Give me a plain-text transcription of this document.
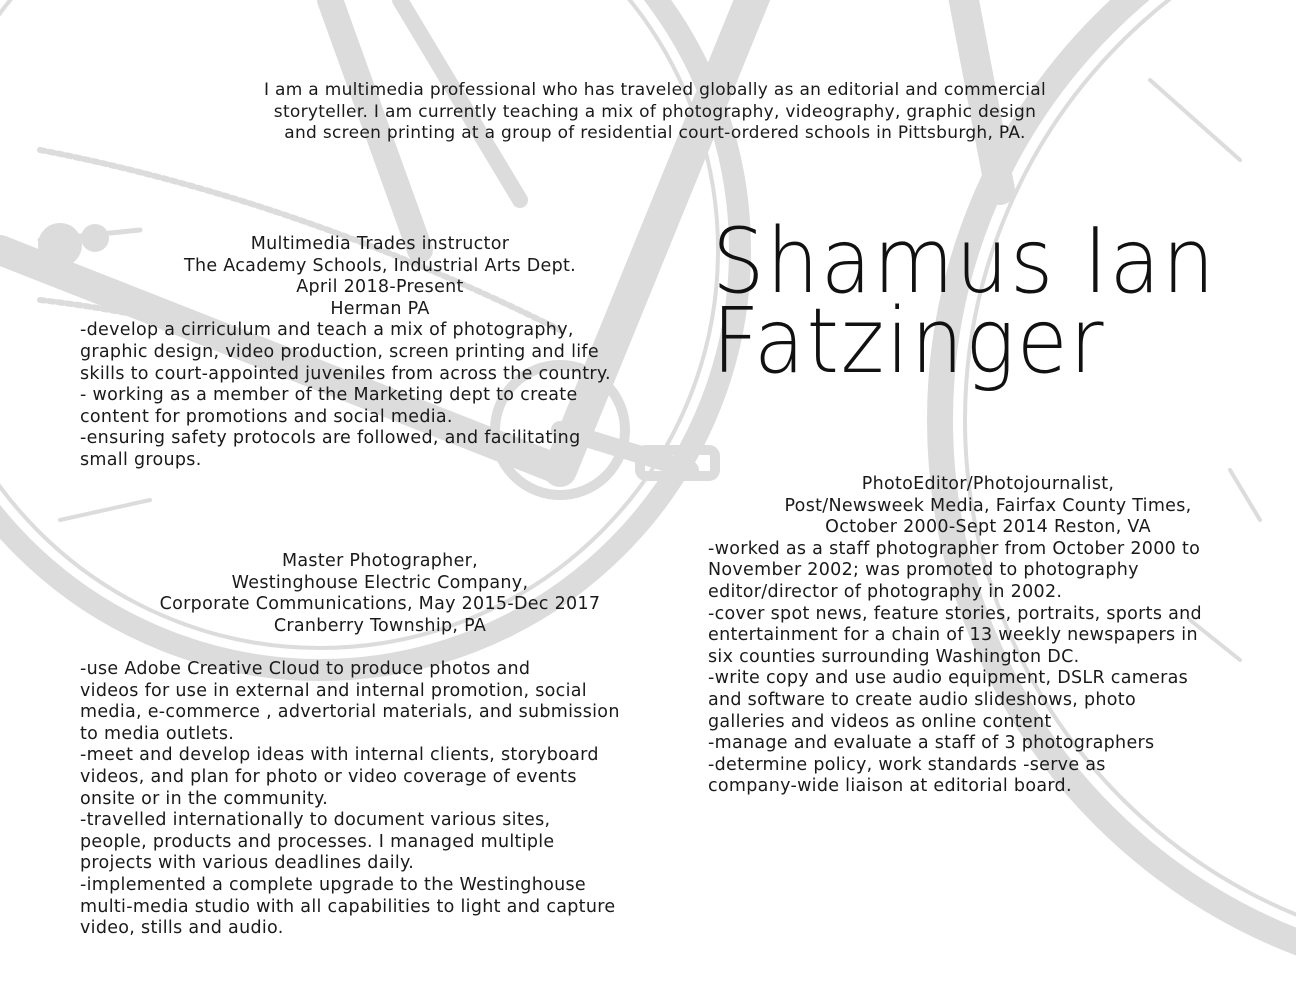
I am a multimedia professional who has traveled globally as an editorial and commercial
storyteller. I am currently teaching a mix of photography, videography, graphic design
and screen printing at a group of residential court-ordered schools in Pittsburgh, PA.
Shamus Ian
Fatzinger
Multimedia Trades instructor
The Academy Schools, Industrial Arts Dept.
April 2018-Present
Herman PA
-develop a cirriculum and teach a mix of photography,
graphic design, video production, screen printing and life
skills to court-appointed juveniles from across the country.
- working as a member of the Marketing dept to create
content for promotions and social media.
-ensuring safety protocols are followed, and facilitating
small groups.
Master Photographer,
Westinghouse Electric Company,
Corporate Communications, May 2015-Dec 2017
Cranberry Township, PA
-use Adobe Creative Cloud to produce photos and
videos for use in external and internal promotion, social
media, e-commerce , advertorial materials, and submission
to media outlets.
-meet and develop ideas with internal clients, storyboard
videos, and plan for photo or video coverage of events
onsite or in the community.
-travelled internationally to document various sites,
people, products and processes. I managed multiple
projects with various deadlines daily.
-implemented a complete upgrade to the Westinghouse
multi-media studio with all capabilities to light and capture
video, stills and audio.
PhotoEditor/Photojournalist,
Post/Newsweek Media, Fairfax County Times,
October 2000-Sept 2014 Reston, VA
-worked as a staff photographer from October 2000 to
November 2002; was promoted to photography
editor/director of photography in 2002.
-cover spot news, feature stories, portraits, sports and
entertainment for a chain of 13 weekly newspapers in
six counties surrounding Washington DC.
-write copy and use audio equipment, DSLR cameras
and software to create audio slideshows, photo
galleries and videos as online content
-manage and evaluate a staff of 3 photographers
-determine policy, work standards -serve as
company-wide liaison at editorial board.
